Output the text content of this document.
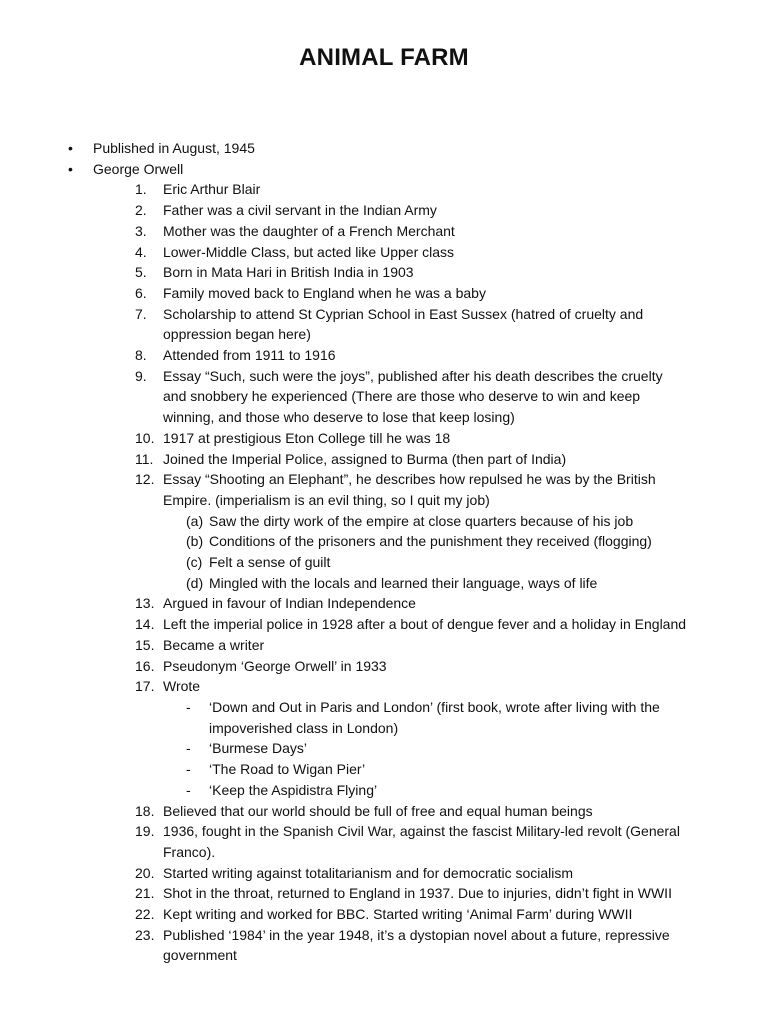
ANIMAL FARM
•	Published in August, 1945
•	George Orwell
1.	Eric Arthur Blair
2.	Father was a civil servant in the Indian Army
3.	Mother was the daughter of a French Merchant
4.	Lower-Middle Class, but acted like Upper class
5.	Born in Mata Hari in British India in 1903
6.	Family moved back to England when he was a baby
7.	Scholarship to attend St Cyprian School in East Sussex (hatred of cruelty and
oppression began here)
8.	Attended from 1911 to 1916
9.	Essay “Such, such were the joys”, published after his death describes the cruelty
and snobbery he experienced (There are those who deserve to win and keep
winning, and those who deserve to lose that keep losing)
10. 1917 at prestigious Eton College till he was 18
11. Joined the Imperial Police, assigned to Burma (then part of India)
12. Essay “Shooting an Elephant”, he describes how repulsed he was by the British
Empire. (imperialism is an evil thing, so I quit my job)
(a) Saw the dirty work of the empire at close quarters because of his job
(b) Conditions of the prisoners and the punishment they received (flogging)
(c) Felt a sense of guilt
(d) Mingled with the locals and learned their language, ways of life
13. Argued in favour of Indian Independence
14. Left the imperial police in 1928 after a bout of dengue fever and a holiday in England
15. Became a writer
16. Pseudonym ‘George Orwell’ in 1933
17. Wrote
-	‘Down and Out in Paris and London’ (first book, wrote after living with the
impoverished class in London)
-	‘Burmese Days’
-	‘The Road to Wigan Pier’
-	‘Keep the Aspidistra Flying’
18. Believed that our world should be full of free and equal human beings
19. 1936, fought in the Spanish Civil War, against the fascist Military-led revolt (General
Franco).
20. Started writing against totalitarianism and for democratic socialism
21. Shot in the throat, returned to England in 1937. Due to injuries, didn’t fight in WWII
22. Kept writing and worked for BBC. Started writing ‘Animal Farm’ during WWII
23. Published ‘1984’ in the year 1948, it’s a dystopian novel about a future, repressive
government
